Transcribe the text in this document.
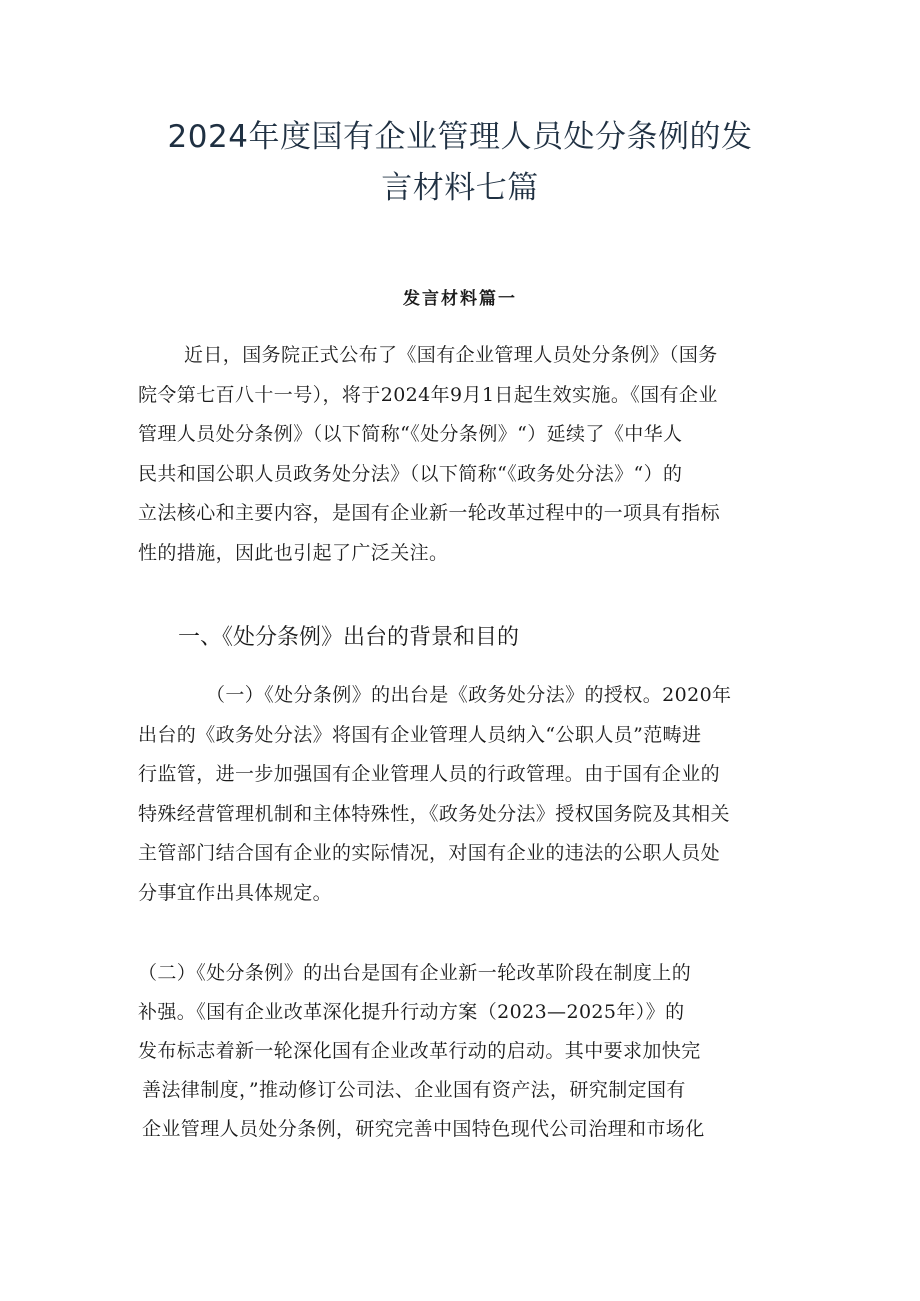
2024年度国有企业管理人员处分条例的发
言材料七篇
发言材料篇一
近日，国务院正式公布了《国有企业管理人员处分条例》（国务
院令第七百八十一号），将于2024年9月1日起生效实施。《国有企业
管理人员处分条例》（以下简称“《处分条例》“）延续了《中华人
民共和国公职人员政务处分法》（以下简称“《政务处分法》“）的
立法核心和主要内容，是国有企业新一轮改革过程中的一项具有指标
性的措施，因此也引起了广泛关注。
一、《处分条例》出台的背景和目的
（一）《处分条例》的出台是《政务处分法》的授权。2020年
出台的《政务处分法》将国有企业管理人员纳入“公职人员”范畴进
行监管，进一步加强国有企业管理人员的行政管理。由于国有企业的
特殊经营管理机制和主体特殊性，《政务处分法》授权国务院及其相关
主管部门结合国有企业的实际情况，对国有企业的违法的公职人员处
分事宜作出具体规定。
（二）《处分条例》的出台是国有企业新一轮改革阶段在制度上的
补强。《国有企业改革深化提升行动方案（2023—2025年）》的
发布标志着新一轮深化国有企业改革行动的启动。其中要求加快完
善法律制度，”推动修订公司法、企业国有资产法，研究制定国有
企业管理人员处分条例，研究完善中国特色现代公司治理和市场化
